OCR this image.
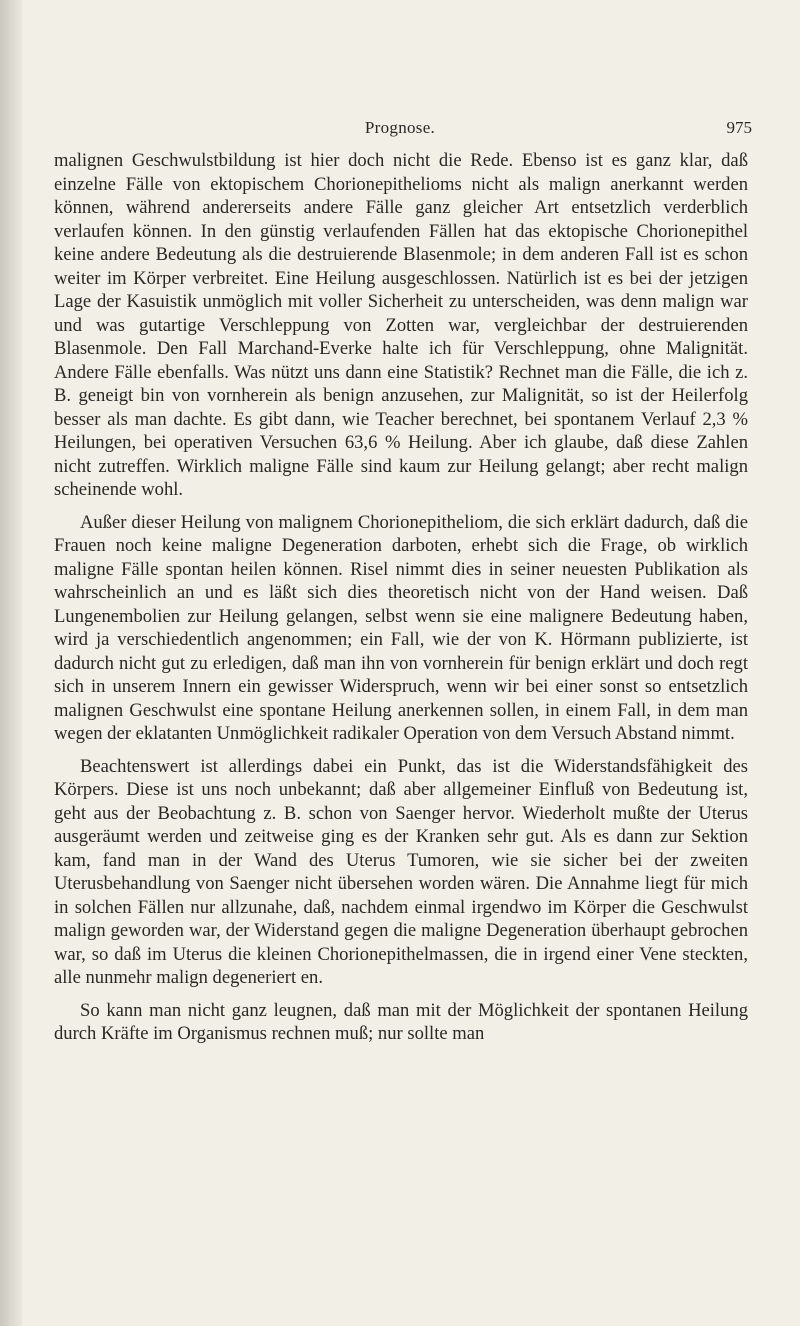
Prognose.	975

malignen Geschwulstbildung ist hier doch nicht die Rede. Ebenso ist es ganz klar, daß einzelne Fälle von ektopischem Chorionepithelioms nicht als malign anerkannt werden können, während andererseits andere Fälle ganz gleicher Art entsetzlich verderblich verlaufen können. In den günstig verlaufenden Fällen hat das ektopische Chorionepithel keine andere Bedeutung als die destruierende Blasenmole; in dem anderen Fall ist es schon weiter im Körper verbreitet. Eine Heilung ausgeschlossen. Natürlich ist es bei der jetzigen Lage der Kasuistik unmöglich mit voller Sicherheit zu unterscheiden, was denn malign war und was gutartige Verschleppung von Zotten war, vergleichbar der destruierenden Blasenmole. Den Fall Marchand-Everke halte ich für Verschleppung, ohne Malignität. Andere Fälle ebenfalls. Was nützt uns dann eine Statistik? Rechnet man die Fälle, die ich z. B. geneigt bin von vornherein als benign anzusehen, zur Malignität, so ist der Heilerfolg besser als man dachte. Es gibt dann, wie Teacher berechnet, bei spontanem Verlauf 2,3 % Heilungen, bei operativen Versuchen 63,6 % Heilung. Aber ich glaube, daß diese Zahlen nicht zutreffen. Wirklich maligne Fälle sind kaum zur Heilung gelangt; aber recht malign scheinende wohl.

Außer dieser Heilung von malignem Chorionepitheliom, die sich erklärt dadurch, daß die Frauen noch keine maligne Degeneration darboten, erhebt sich die Frage, ob wirklich maligne Fälle spontan heilen können. Risel nimmt dies in seiner neuesten Publikation als wahrscheinlich an und es läßt sich dies theoretisch nicht von der Hand weisen. Daß Lungenembolien zur Heilung gelangen, selbst wenn sie eine malignere Bedeutung haben, wird ja verschiedentlich angenommen; ein Fall, wie der von K. Hörmann publizierte, ist dadurch nicht gut zu erledigen, daß man ihn von vornherein für benign erklärt und doch regt sich in unserem Innern ein gewisser Widerspruch, wenn wir bei einer sonst so entsetzlich malignen Geschwulst eine spontane Heilung anerkennen sollen, in einem Fall, in dem man wegen der eklatanten Unmöglichkeit radikaler Operation von dem Versuch Abstand nimmt.

Beachtenswert ist allerdings dabei ein Punkt, das ist die Widerstandsfähigkeit des Körpers. Diese ist uns noch unbekannt; daß aber allgemeiner Einfluß von Bedeutung ist, geht aus der Beobachtung z. B. schon von Saenger hervor. Wiederholt mußte der Uterus ausgeräumt werden und zeitweise ging es der Kranken sehr gut. Als es dann zur Sektion kam, fand man in der Wand des Uterus Tumoren, wie sie sicher bei der zweiten Uterusbehandlung von Saenger nicht übersehen worden wären. Die Annahme liegt für mich in solchen Fällen nur allzunahe, daß, nachdem einmal irgendwo im Körper die Geschwulst malign geworden war, der Widerstand gegen die maligne Degeneration überhaupt gebrochen war, so daß im Uterus die kleinen Chorionepithelmassen, die in irgend einer Vene steckten, alle nunmehr malign degeneriert en.

So kann man nicht ganz leugnen, daß man mit der Möglichkeit der spontanen Heilung durch Kräfte im Organismus rechnen muß; nur sollte man
